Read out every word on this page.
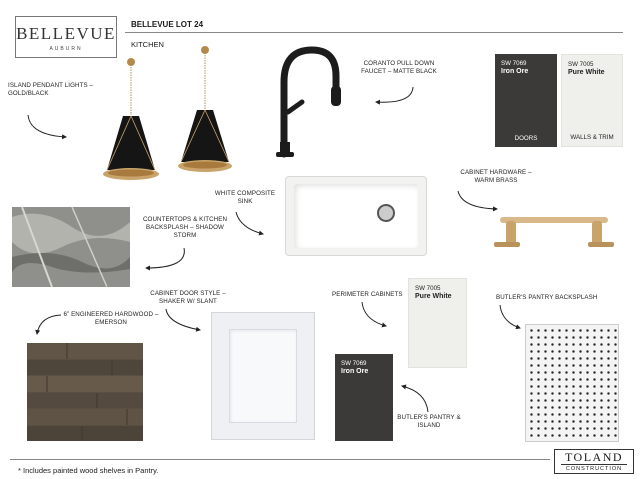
BELLEVUE
AUBURN
BELLEVUE LOT 24
KITCHEN
SW 7069
Iron Ore
DOORS
SW 7005
Pure White
WALLS & TRIM
SW 7005
Pure White
SW 7069
Iron Ore
ISLAND PENDANT LIGHTS – GOLD/BLACK
CORANTO PULL DOWN FAUCET – MATTE BLACK
WHITE COMPOSITE SINK
COUNTERTOPS & KITCHEN BACKSPLASH – SHADOW STORM
CABINET HARDWARE – WARM BRASS
6” ENGINEERED HARDWOOD – EMERSON
CABINET DOOR STYLE – SHAKER W/ SLANT
PERIMETER CABINETS	BUTLER'S PANTRY BACKSPLASH
BUTLER'S PANTRY & ISLAND
* Includes painted wood shelves in Pantry.
TOLAND
CONSTRUCTION
